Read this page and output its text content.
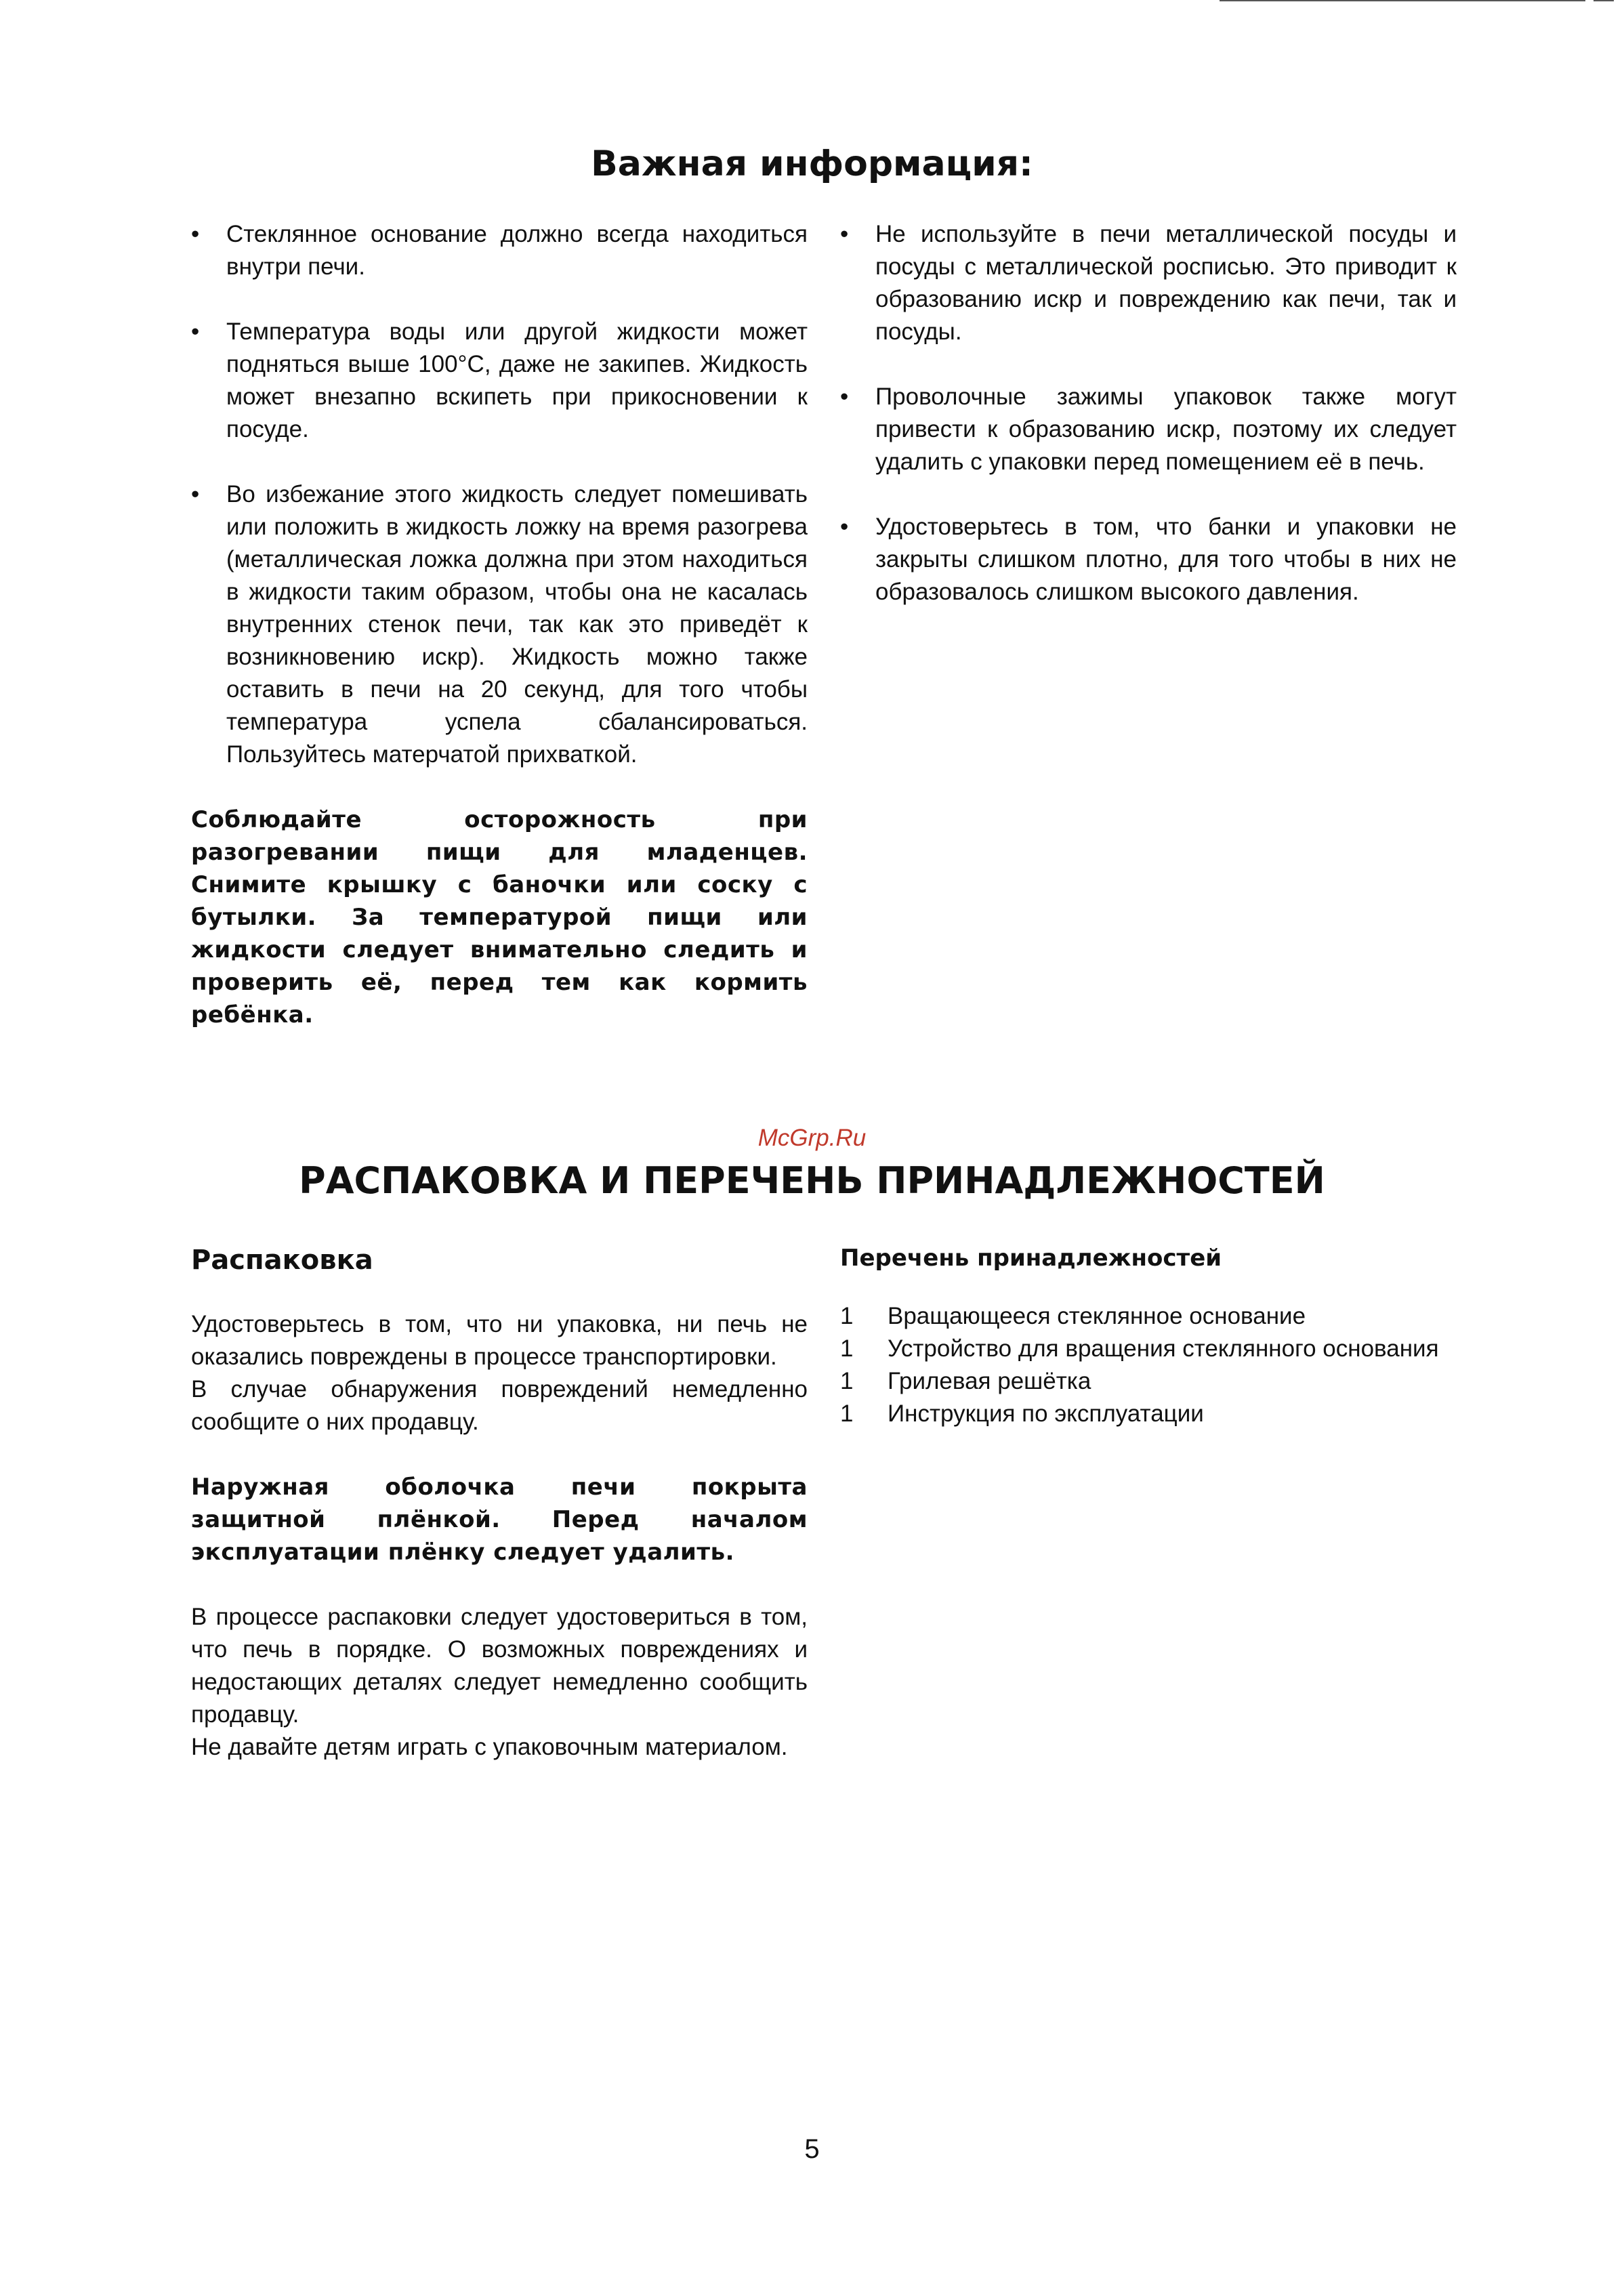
Важная информация:
• Стеклянное основание должно всегда находиться внутри печи.

• Температура воды или другой жидкости может подняться выше 100°C, даже не закипев. Жидкость может внезапно вскипеть при прикосновении к посуде.

• Во избежание этого жидкость следует помешивать или положить в жидкость ложку на время разогрева (металлическая ложка должна при этом находиться в жидкости таким образом, чтобы она не касалась внутренних стенок печи, так как это приведёт к возникновению искр). Жидкость можно также оставить в печи на 20 секунд, для того чтобы температура успела сбалансироваться. Пользуйтесь матерчатой прихваткой.

Соблюдайте осторожность при разогревании пищи для младенцев. Снимите крышку с баночки или соску с бутылки. За температурой пищи или жидкости следует внимательно следить и проверить её, перед тем как кормить ребёнка.

• Не используйте в печи металлической посуды и посуды с металлической росписью. Это приводит к образованию искр и повреждению как печи, так и посуды.

• Проволочные зажимы упаковок также могут привести к образованию искр, поэтому их следует удалить с упаковки перед помещением её в печь.

• Удостоверьтесь в том, что банки и упаковки не закрыты слишком плотно, для того чтобы в них не образовалось слишком высокого давления.

McGrp.Ru
РАСПАКОВКА И ПЕРЕЧЕНЬ ПРИНАДЛЕЖНОСТЕЙ
Распаковка

Удостоверьтесь в том, что ни упаковка, ни печь не оказались повреждены в процессе транспортировки.

В случае обнаружения повреждений немедленно сообщите о них продавцу.

Наружная оболочка печи покрыта защитной плёнкой. Перед началом эксплуатации плёнку следует удалить.

В процессе распаковки следует удостовериться в том, что печь в порядке. О возможных повреждениях и недостающих деталях следует немедленно сообщить продавцу.

Не давайте детям играть с упаковочным материалом.

Перечень принадлежностей
1	Вращающееся стеклянное основание
1	Устройство для вращения стеклянного основания
1	Грилевая решётка
1	Инструкция по эксплуатации
5
